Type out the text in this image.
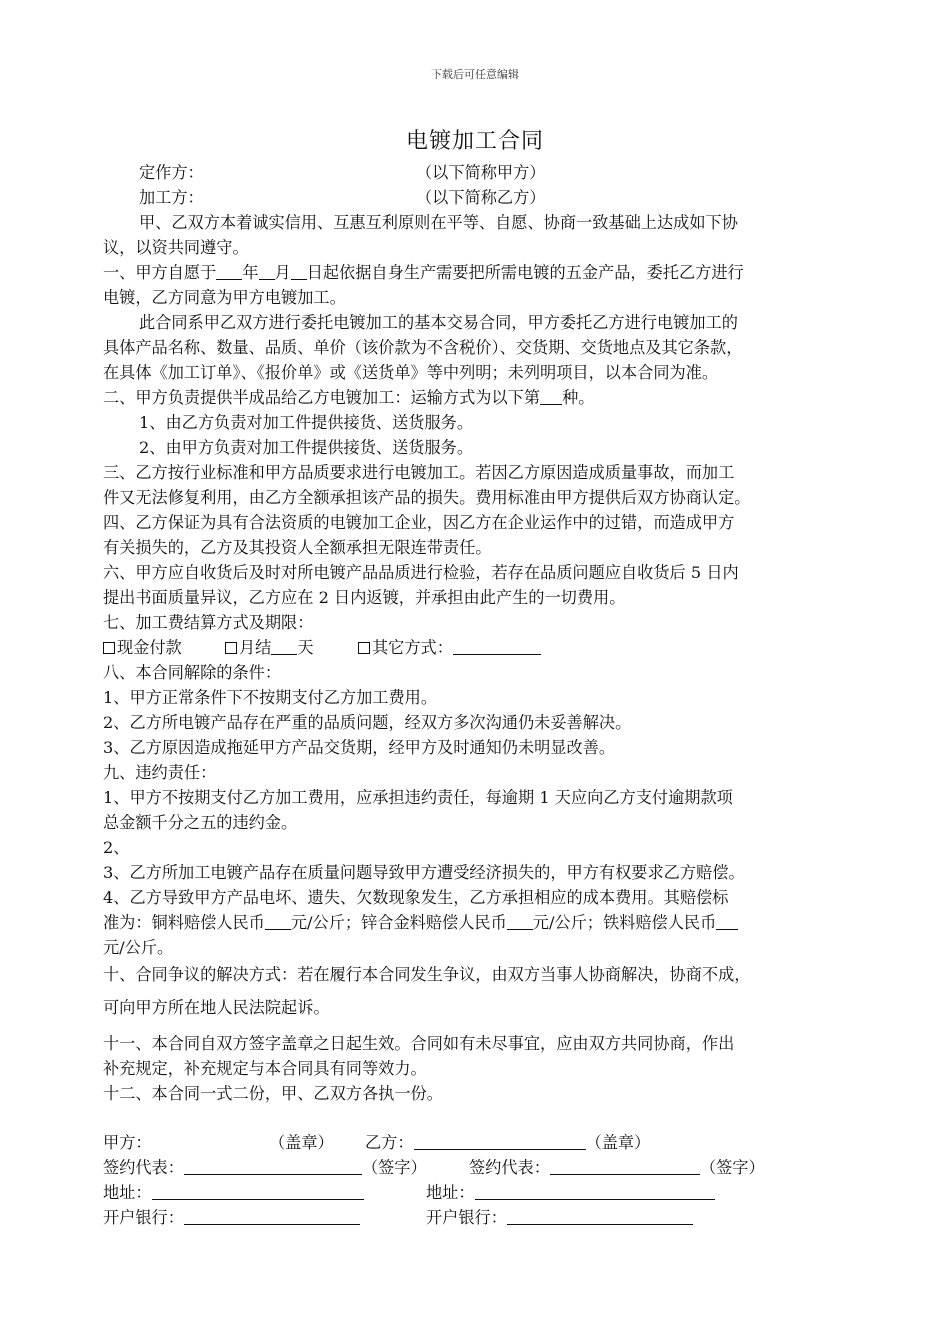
下载后可任意编辑
电镀加工合同
定作方：	（以下简称甲方）
加工方：	（以下简称乙方）
甲、乙双方本着诚实信用、互惠互利原则在平等、自愿、协商一致基础上达成如下协
议，以资共同遵守。
一、甲方自愿于 年 月 日起依据自身生产需要把所需电镀的五金产品，委托乙方进行
电镀，乙方同意为甲方电镀加工。
此合同系甲乙双方进行委托电镀加工的基本交易合同，甲方委托乙方进行电镀加工的
具体产品名称、数量、品质、单价（该价款为不含税价）、交货期、交货地点及其它条款，
在具体《加工订单》、《报价单》或《送货单》等中列明；未列明项目，以本合同为准。
二、甲方负责提供半成品给乙方电镀加工：运输方式为以下第 种。
1、由乙方负责对加工件提供接货、送货服务。
2、由甲方负责对加工件提供接货、送货服务。
三、乙方按行业标准和甲方品质要求进行电镀加工。若因乙方原因造成质量事故，而加工
件又无法修复利用，由乙方全额承担该产品的损失。费用标准由甲方提供后双方协商认定。
四、乙方保证为具有合法资质的电镀加工企业，因乙方在企业运作中的过错，而造成甲方
有关损失的，乙方及其投资人全额承担无限连带责任。
六、甲方应自收货后及时对所电镀产品品质进行检验，若存在品质问题应自收货后 5 日内
提出书面质量异议，乙方应在 2 日内返镀，并承担由此产生的一切费用。
七、加工费结算方式及期限：
现金付款	月结 天	其它方式：
八、本合同解除的条件：
1、甲方正常条件下不按期支付乙方加工费用。
2、乙方所电镀产品存在严重的品质问题，经双方多次沟通仍未妥善解决。
3、乙方原因造成拖延甲方产品交货期，经甲方及时通知仍未明显改善。
九、违约责任：
1、甲方不按期支付乙方加工费用，应承担违约责任，每逾期 1 天应向乙方支付逾期款项
总金额千分之五的违约金。
2、
3、乙方所加工电镀产品存在质量问题导致甲方遭受经济损失的，甲方有权要求乙方赔偿。
4、乙方导致甲方产品电坏、遗失、欠数现象发生，乙方承担相应的成本费用。其赔偿标
准为：铜料赔偿人民币 元/公斤；锌合金料赔偿人民币 元/公斤；铁料赔偿人民币
元/公斤。
十、合同争议的解决方式：若在履行本合同发生争议，由双方当事人协商解决，协商不成，
可向甲方所在地人民法院起诉。
十一、本合同自双方签字盖章之日起生效。合同如有未尽事宜，应由双方共同协商，作出
补充规定，补充规定与本合同具有同等效力。
十二、本合同一式二份，甲、乙双方各执一份。
甲方：	（盖章） 乙方：	（盖章）
签约代表：	（签字）	签约代表：	（签字）
地址：	地址：
开户银行：	开户银行：
